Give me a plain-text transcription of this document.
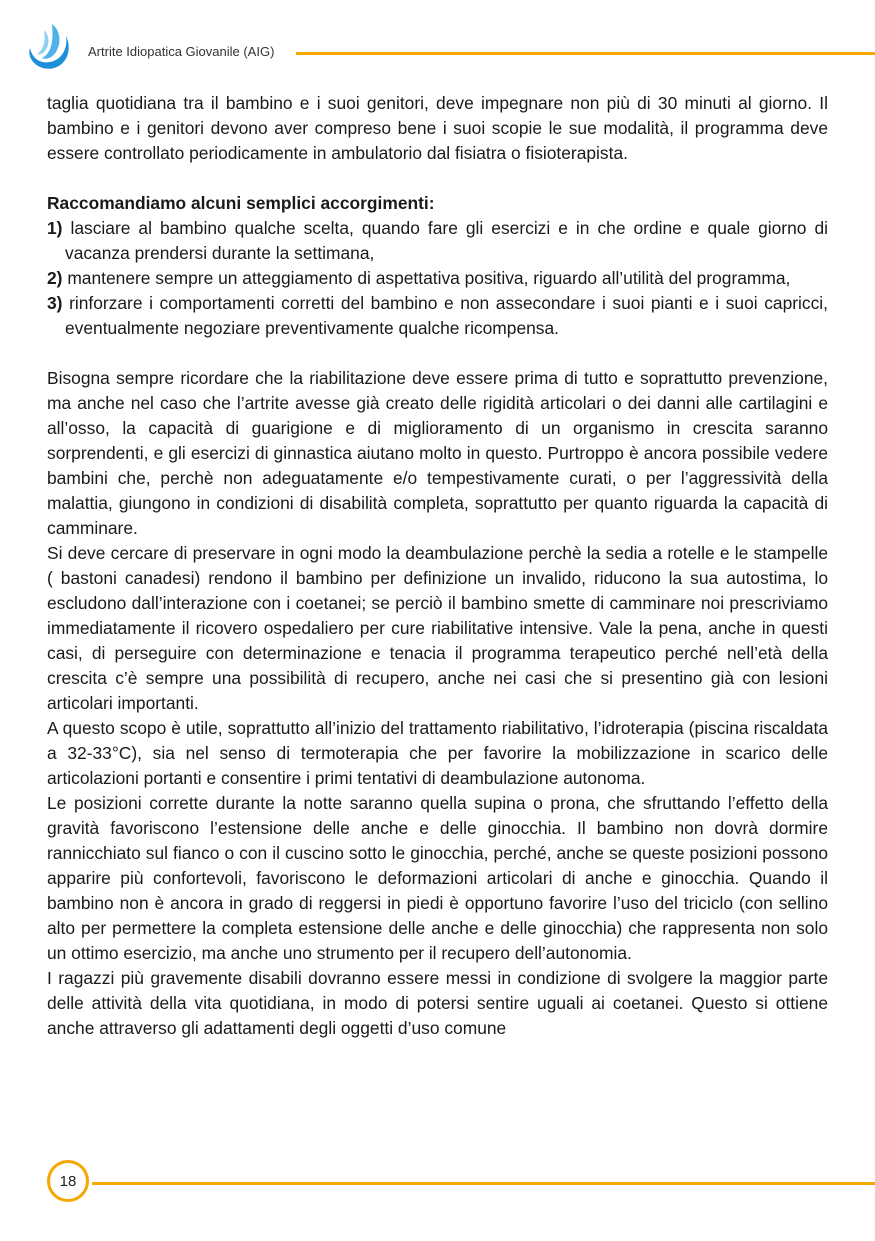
Artrite Idiopatica Giovanile (AIG)

taglia quotidiana tra il bambino e i suoi genitori, deve impegnare non più di 30 minuti al giorno. Il bambino e i genitori devono aver compreso bene i suoi scopie le sue modalità, il programma deve essere controllato periodicamente in ambulatorio dal fisiatra o fisioterapista.

Raccomandiamo alcuni semplici accorgimenti:

1) lasciare al bambino qualche scelta, quando fare gli esercizi e in che ordine e quale giorno di vacanza prendersi durante la settimana,

2) mantenere sempre un atteggiamento di aspettativa positiva, riguardo all’utilità del programma,

3) rinforzare i comportamenti corretti del bambino e non assecondare i suoi pianti e i suoi capricci, eventualmente negoziare preventivamente qualche ricompensa.

Bisogna sempre ricordare che la riabilitazione deve essere prima di tutto e soprattutto prevenzione, ma anche nel caso che l’artrite avesse già creato delle rigidità articolari o dei danni alle cartilagini e all’osso, la capacità di guarigione e di miglioramento di un organismo in crescita saranno sorprendenti, e gli esercizi di ginnastica aiutano molto in questo. Purtroppo è ancora possibile vedere bambini che, perchè non adeguatamente e/o tempestivamente curati, o per l’aggressività della malattia, giungono in condizioni di disabilità completa, soprattutto per quanto riguarda la capacità di camminare.

Si deve cercare di preservare in ogni modo la deambulazione perchè la sedia a rotelle e le stampelle ( bastoni canadesi) rendono il bambino per definizione un invalido, riducono la sua autostima, lo escludono dall’interazione con i coetanei; se perciò il bambino smette di camminare noi prescriviamo immediatamente il ricovero ospedaliero per cure riabilitative intensive. Vale la pena, anche in questi casi, di perseguire con determinazione e tenacia il programma terapeutico perché nell’età della crescita c’è sempre una possibilità di recupero, anche nei casi che si presentino già con lesioni articolari importanti.

A questo scopo è utile, soprattutto all’inizio del trattamento riabilitativo, l’idroterapia (piscina riscaldata a 32-33°C), sia nel senso di termoterapia che per favorire la mobilizzazione in scarico delle articolazioni portanti e consentire i primi tentativi di deambulazione autonoma.

Le posizioni corrette durante la notte saranno quella supina o prona, che sfruttando l’effetto della gravità favoriscono l’estensione delle anche e delle ginocchia. Il bambino non dovrà dormire rannicchiato sul fianco o con il cuscino sotto le ginocchia, perché, anche se queste posizioni possono apparire più confortevoli, favoriscono le deformazioni articolari di anche e ginocchia. Quando il bambino non è ancora in grado di reggersi in piedi è opportuno favorire l’uso del triciclo (con sellino alto per permettere la completa estensione delle anche e delle ginocchia) che rappresenta non solo un ottimo esercizio, ma anche uno strumento per il recupero dell’autonomia.

I ragazzi più gravemente disabili dovranno essere messi in condizione di svolgere la maggior parte delle attività della vita quotidiana, in modo di potersi sentire uguali ai coetanei. Questo si ottiene anche attraverso gli adattamenti degli oggetti d’uso comune

18
